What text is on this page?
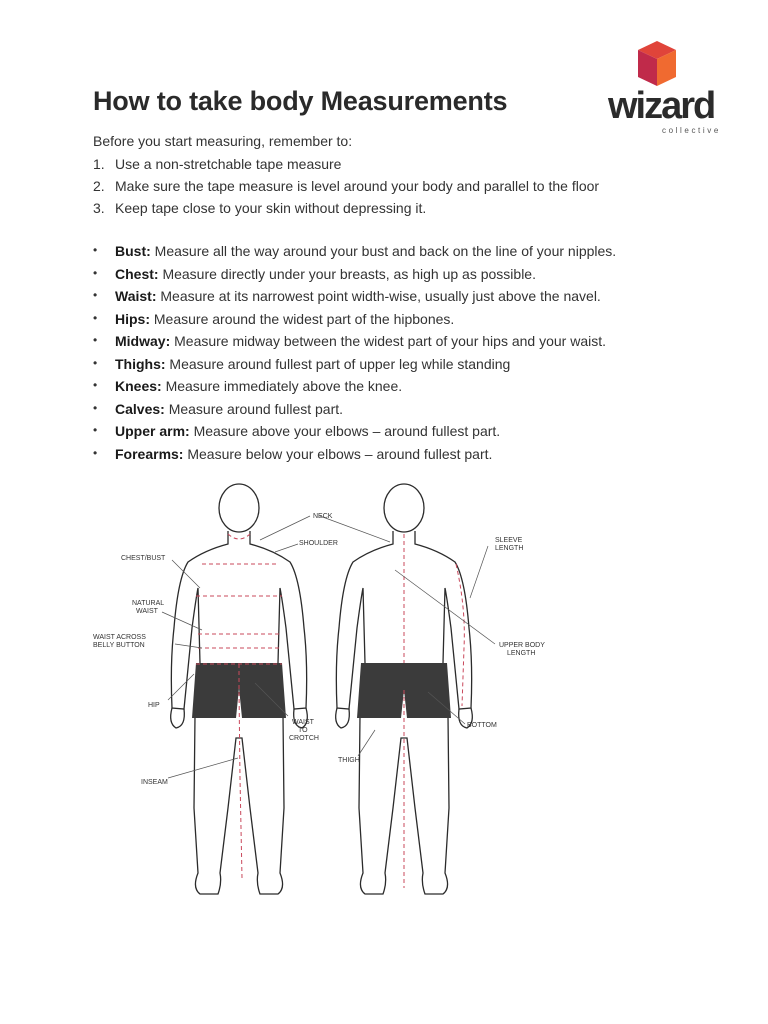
How to take body Measurements	wizard
collective

Before you start measuring, remember to:

1. Use a non-stretchable tape measure
2. Make sure the tape measure is level around your body and parallel to the floor
3. Keep tape close to your skin without depressing it.
• Bust: Measure all the way around your bust and back on the line of your nipples.
• Chest: Measure directly under your breasts, as high up as possible.
• Waist: Measure at its narrowest point width-wise, usually just above the navel.
• Hips: Measure around the widest part of the hipbones.
• Midway: Measure midway between the widest part of your hips and your waist.
• Thighs: Measure around fullest part of upper leg while standing
• Knees: Measure immediately above the knee.
• Calves: Measure around fullest part.
• Upper arm: Measure above your elbows – around fullest part.
• Forearms: Measure below your elbows – around fullest part.
NECK
SHOULDER
CHEST/BUST
NATURAL
WAIST
WAIST ACROSS
BELLY BUTTON
HIP
WAIST
TO
CROTCH
INSEAM
SLEEVE
LENGTH
UPPER BODY
LENGTH
BOTTOM
THIGH
